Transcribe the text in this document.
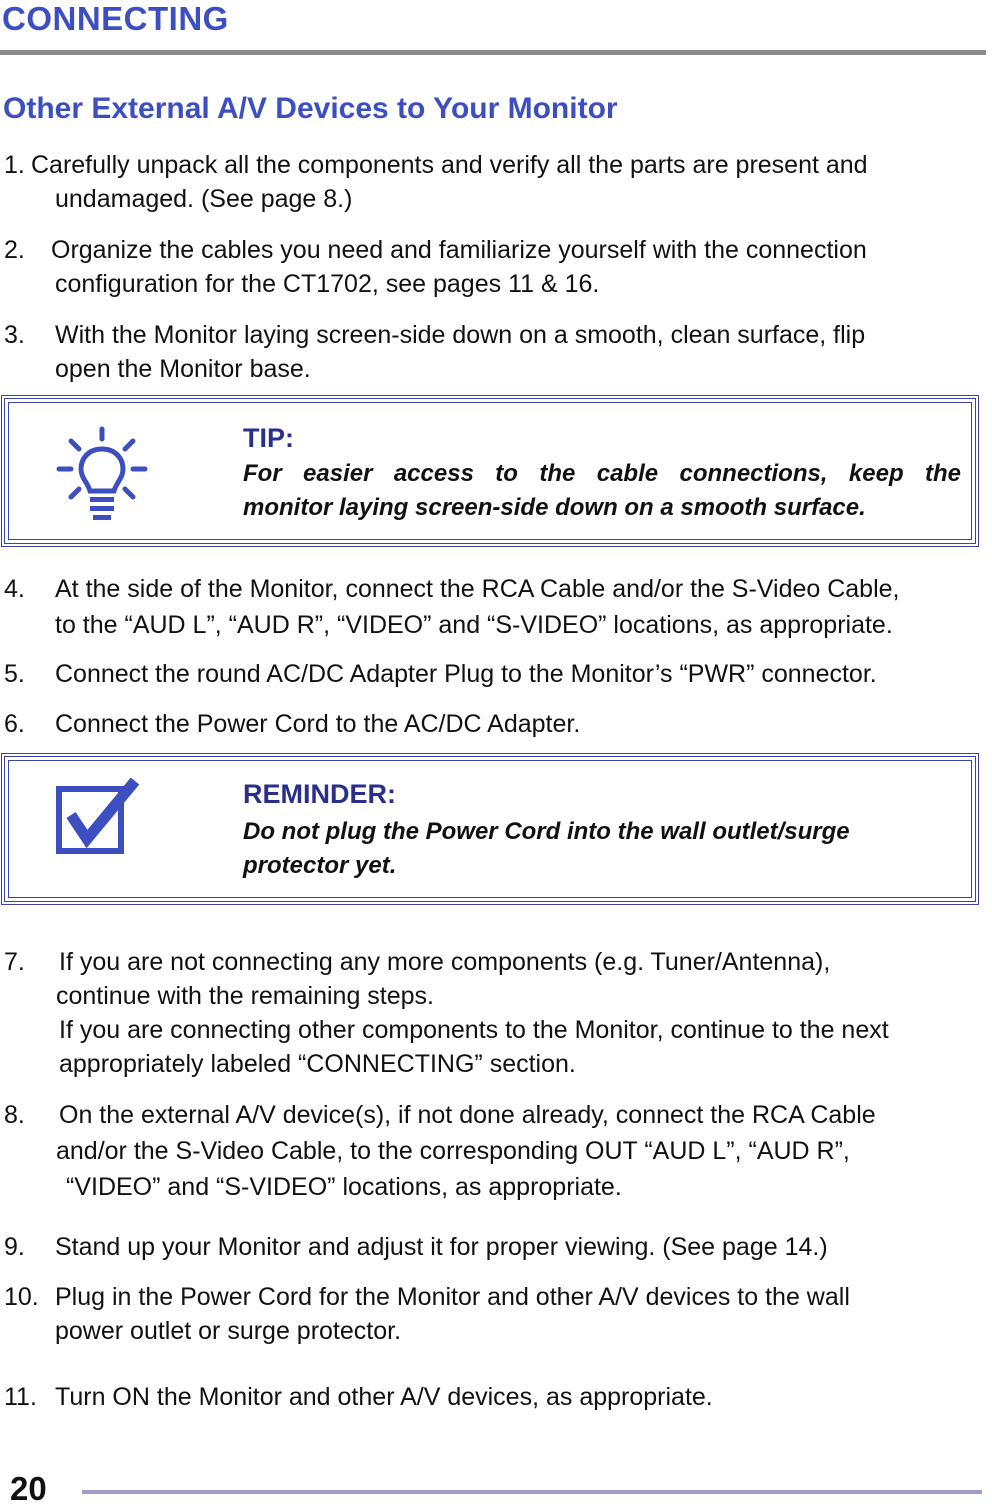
CONNECTING
Other External A/V Devices to Your Monitor
1. Carefully unpack all the components and verify all the parts are present and
undamaged. (See page 8.)
2. Organize the cables you need and familiarize yourself with the connection
configuration for the CT1702, see pages 11 & 16.
3. With the Monitor laying screen-side down on a smooth, clean surface, flip
open the Monitor base.
TIP:
For easier access to the cable connections, keep the
monitor laying screen-side down on a smooth surface.
4. At the side of the Monitor, connect the RCA Cable and/or the S-Video Cable,
to the “AUD L”, “AUD R”, “VIDEO” and “S-VIDEO” locations, as appropriate.
5. Connect the round AC/DC Adapter Plug to the Monitor’s “PWR” connector.
6. Connect the Power Cord to the AC/DC Adapter.
REMINDER:
Do not plug the Power Cord into the wall outlet/surge
protector yet.
7. If you are not connecting any more components (e.g. Tuner/Antenna),
continue with the remaining steps.
If you are connecting other components to the Monitor, continue to the next
appropriately labeled “CONNECTING” section.
8. On the external A/V device(s), if not done already, connect the RCA Cable
and/or the S-Video Cable, to the corresponding OUT “AUD L”, “AUD R”,
“VIDEO” and “S-VIDEO” locations, as appropriate.
9. Stand up your Monitor and adjust it for proper viewing. (See page 14.)
10. Plug in the Power Cord for the Monitor and other A/V devices to the wall
power outlet or surge protector.
11. Turn ON the Monitor and other A/V devices, as appropriate.
20
